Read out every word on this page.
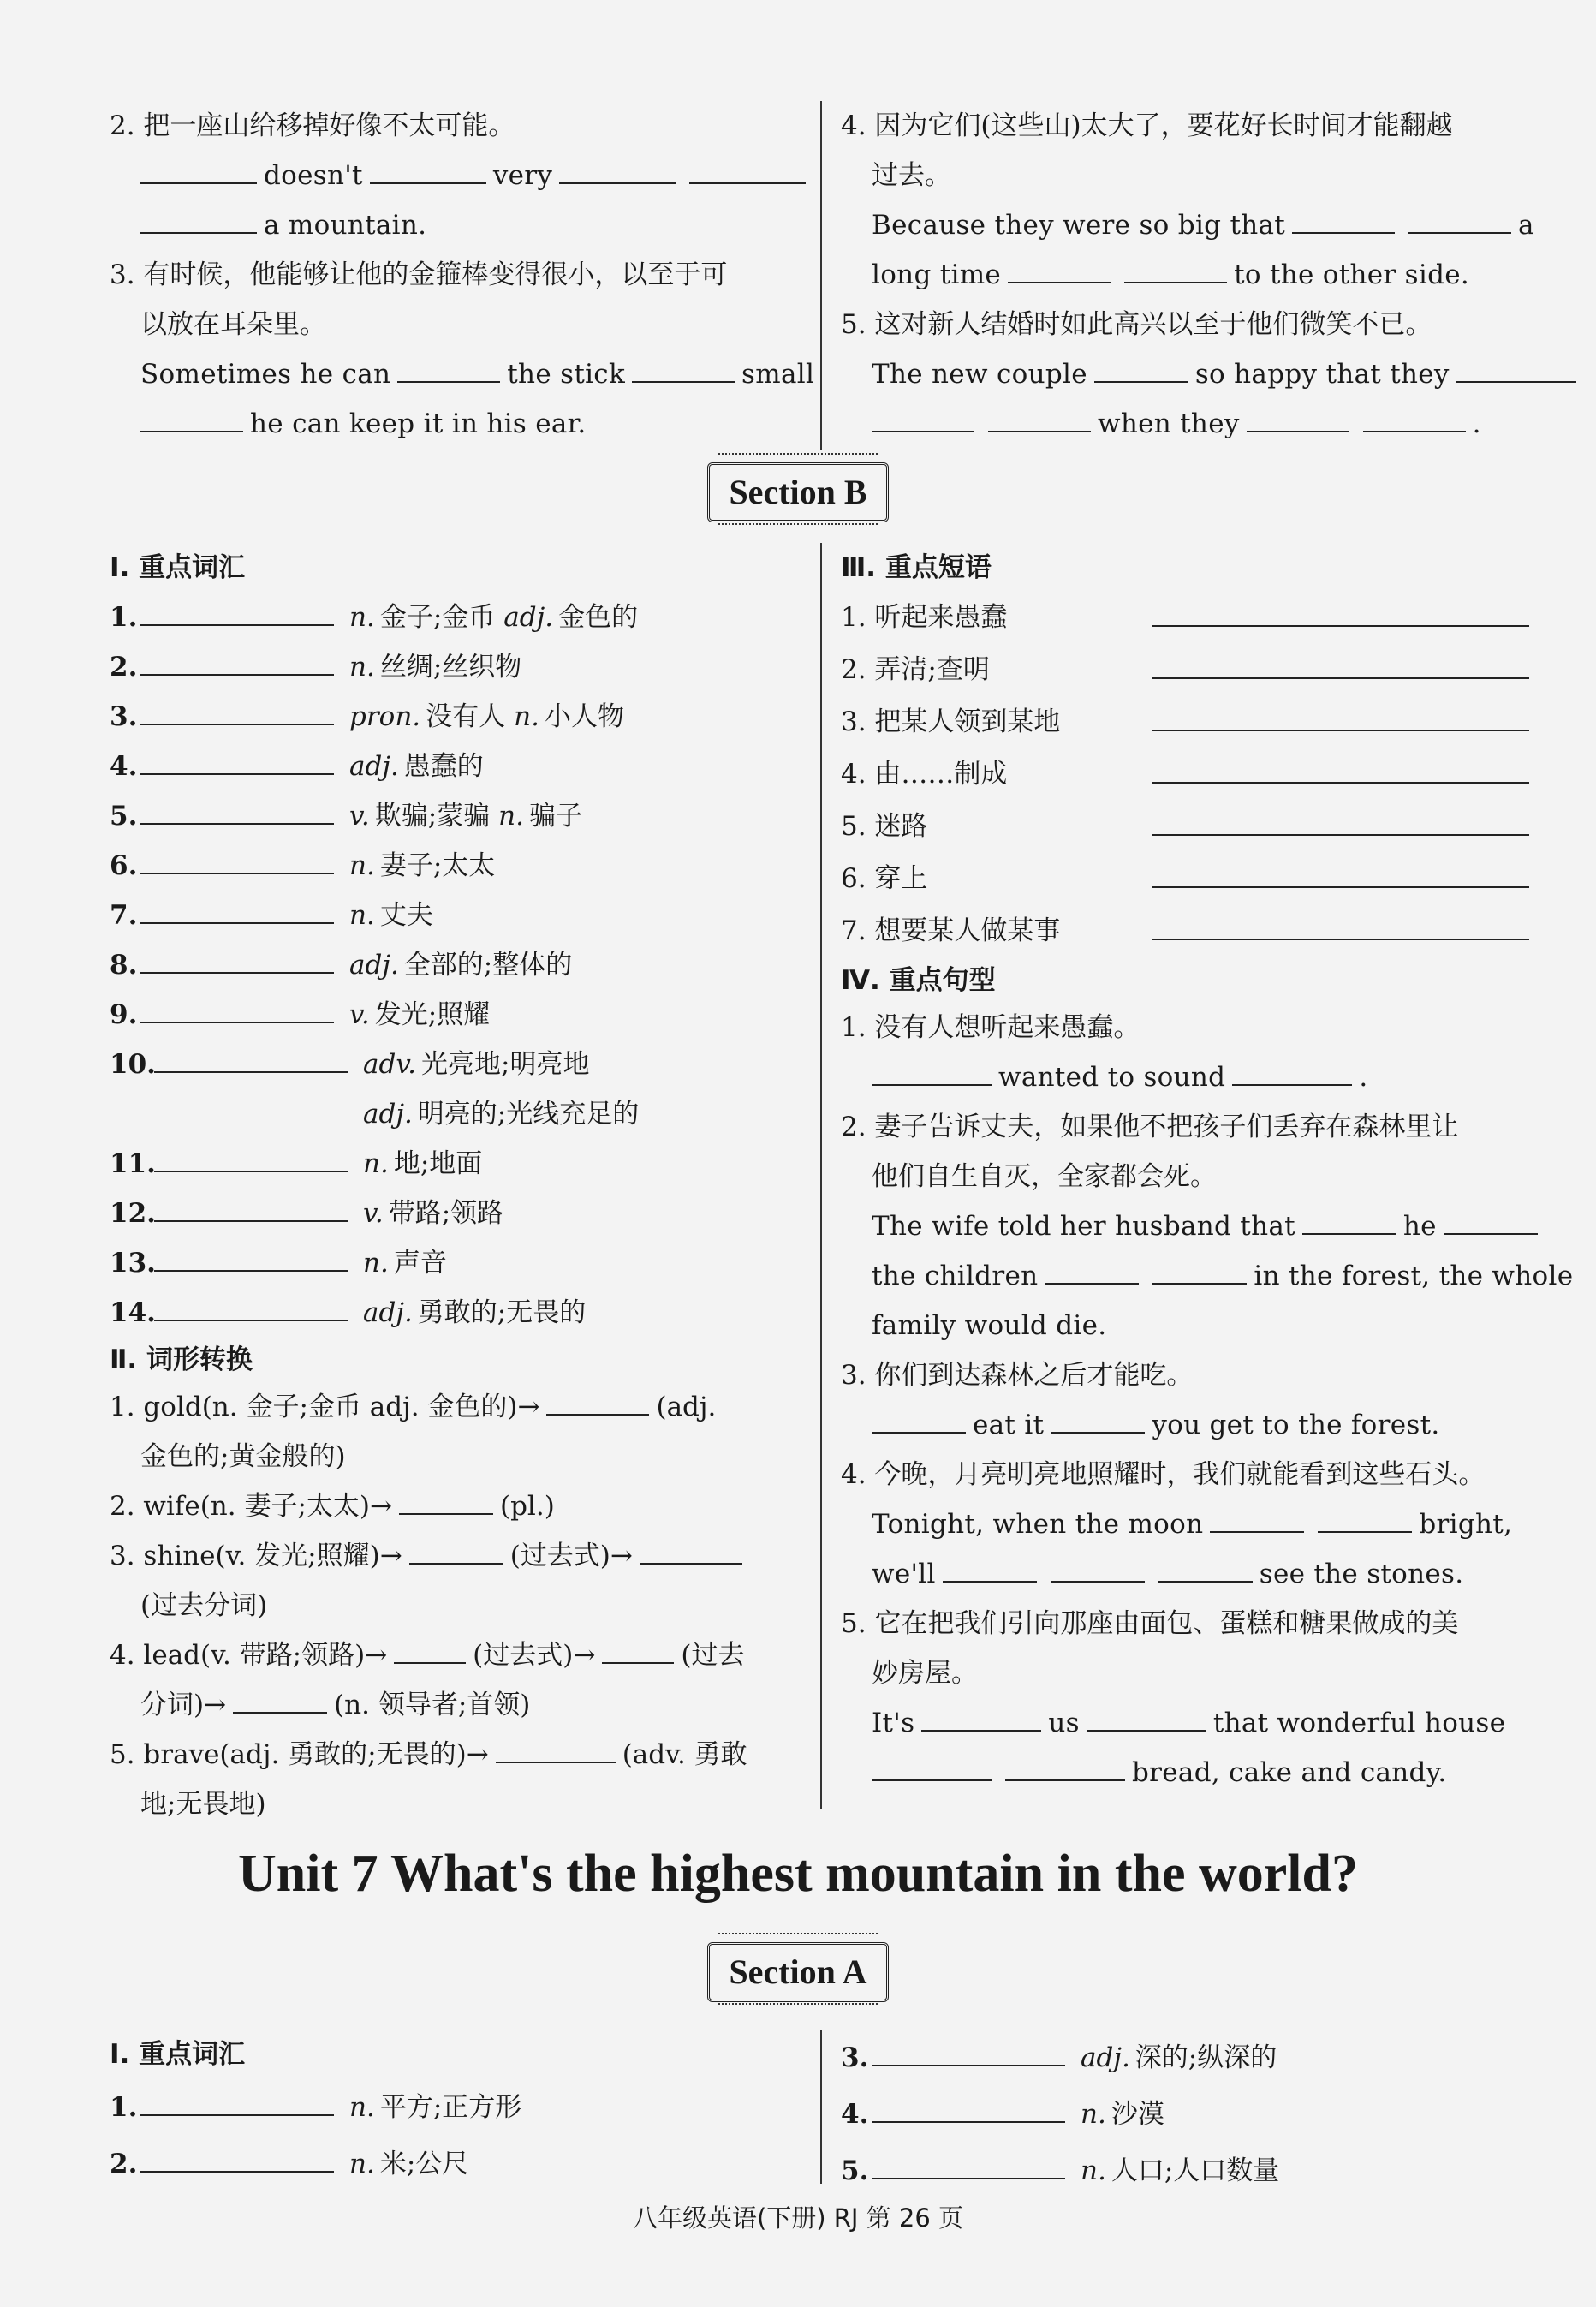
2. 把一座山给移掉好像不太可能。
doesn't	very
a mountain.
3. 有时候，他能够让他的金箍棒变得很小，以至于可
以放在耳朵里。
Sometimes he can	the stick	small
he can keep it in his ear.
4. 因为它们(这些山)太大了，要花好长时间才能翻越
过去。
Because they were so big that	a
long time	to the other side.
5. 这对新人结婚时如此高兴以至于他们微笑不已。
The new couple	so happy that they
when they	.
Section B
Ⅰ. 重点词汇
1.	n. 金子;金币 adj. 金色的
2.	n. 丝绸;丝织物
3.	pron. 没有人 n. 小人物
4.	adj. 愚蠢的
5.	v. 欺骗;蒙骗 n. 骗子
6.	n. 妻子;太太
7.	n. 丈夫
8.	adj. 全部的;整体的
9.	v. 发光;照耀
10.	adv. 光亮地;明亮地
adj. 明亮的;光线充足的
11.	n. 地;地面
12.	v. 带路;领路
13.	n. 声音
14.	adj. 勇敢的;无畏的
Ⅱ. 词形转换
1. gold(n. 金子;金币 adj. 金色的)→	(adj.
金色的;黄金般的)
2. wife(n. 妻子;太太)→	(pl.)
3. shine(v. 发光;照耀)→	(过去式)→
(过去分词)
4. lead(v. 带路;领路)→	(过去式)→	(过去
分词)→	(n. 领导者;首领)
5. brave(adj. 勇敢的;无畏的)→	(adv. 勇敢
地;无畏地)
Ⅲ. 重点短语
1. 听起来愚蠢
2. 弄清;查明
3. 把某人领到某地
4. 由……制成
5. 迷路
6. 穿上
7. 想要某人做某事
Ⅳ. 重点句型
1. 没有人想听起来愚蠢。
wanted to sound	.
2. 妻子告诉丈夫，如果他不把孩子们丢弃在森林里让
他们自生自灭，全家都会死。
The wife told her husband that	he
the children	in the forest, the whole
family would die.
3. 你们到达森林之后才能吃。
eat it	you get to the forest.
4. 今晚，月亮明亮地照耀时，我们就能看到这些石头。
Tonight, when the moon	bright,
we'll	see the stones.
5. 它在把我们引向那座由面包、蛋糕和糖果做成的美
妙房屋。
It's	us	that wonderful house
bread, cake and candy.
Unit 7 What's the highest mountain in the world?
Section A
Ⅰ. 重点词汇
1.	n. 平方;正方形
2.	n. 米;公尺
3.	adj. 深的;纵深的
4.	n. 沙漠
5.	n. 人口;人口数量
八年级英语(下册) RJ 第 26 页
